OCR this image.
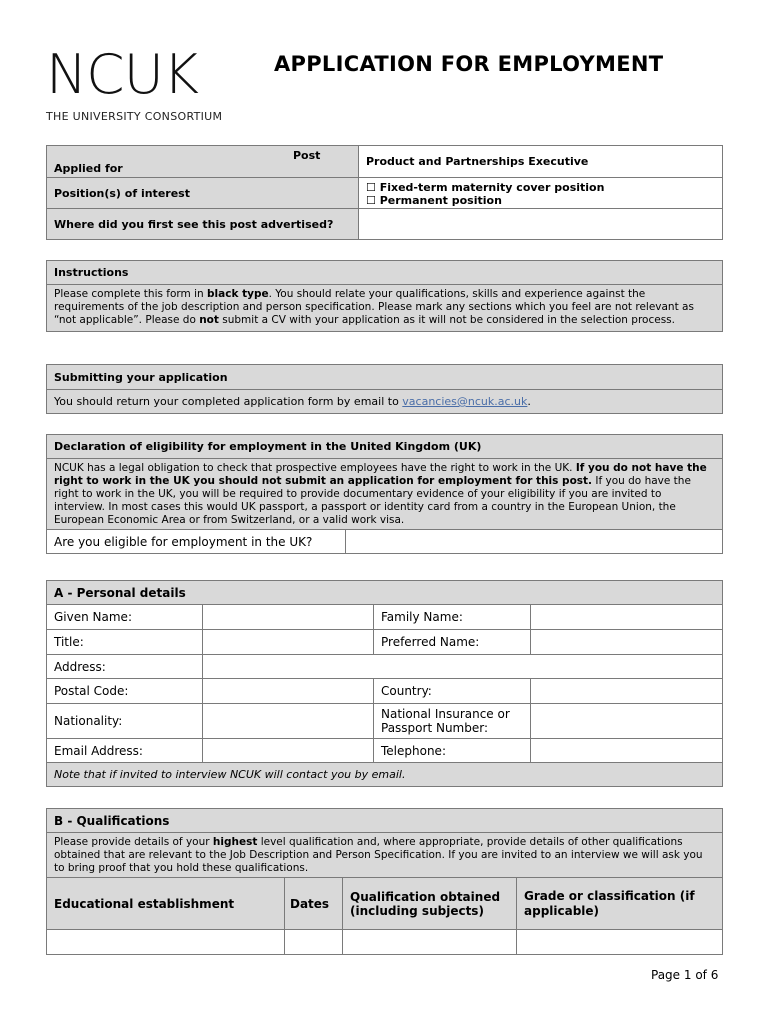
NCUK
THE UNIVERSITY CONSORTIUM
APPLICATION FOR EMPLOYMENT
Post
Applied for	Product and Partnerships Executive
Position(s) of interest	☐ Fixed-term maternity cover position
☐ Permanent position

Where did you first see this post advertised?	
Instructions
Please complete this form in black type. You should relate your qualifications, skills and experience against the requirements of the job description and person specification. Please mark any sections which you feel are not relevant as “not applicable”. Please do not submit a CV with your application as it will not be considered in the selection process.
Submitting your application
You should return your completed application form by email to vacancies@ncuk.ac.uk.
Declaration of eligibility for employment in the United Kingdom (UK)
NCUK has a legal obligation to check that prospective employees have the right to work in the UK. If you do not have the right to work in the UK you should not submit an application for employment for this post. If you do have the right to work in the UK, you will be required to provide documentary evidence of your eligibility if you are invited to interview. In most cases this would UK passport, a passport or identity card from a country in the European Union, the European Economic Area or from Switzerland, or a valid work visa.
Are you eligible for employment in the UK?	
A - Personal details			
Given Name:		Family Name:	
Title:		Preferred Name:	
Address:			
Postal Code:		Country:	
Nationality:		National Insurance or Passport Number:	
Email Address:		Telephone:	
Note that if invited to interview NCUK will contact you by email.			
B - Qualifications			
Please provide details of your highest level qualification and, where appropriate, provide details of other qualifications obtained that are relevant to the Job Description and Person Specification. If you are invited to an interview we will ask you to bring proof that you hold these qualifications.			
Educational establishment	Dates	Qualification obtained (including subjects)	Grade or classification (if applicable)

Page 1 of 6
